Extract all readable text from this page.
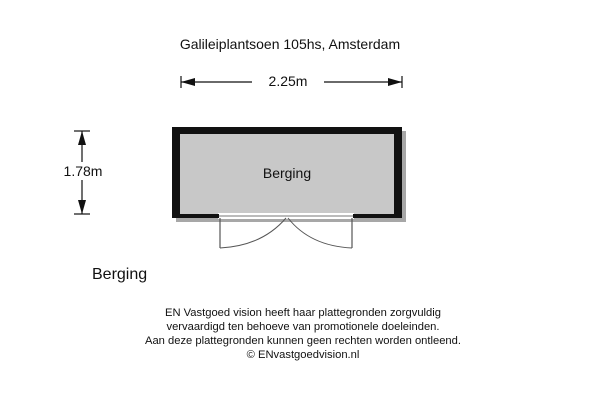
Galileiplantsoen 105hs, Amsterdam
2.25m
1.78m	Berging
Berging
EN Vastgoed vision heeft haar plattegronden zorgvuldig
vervaardigd ten behoeve van promotionele doeleinden.
Aan deze plattegronden kunnen geen rechten worden ontleend.
© ENvastgoedvision.nl
